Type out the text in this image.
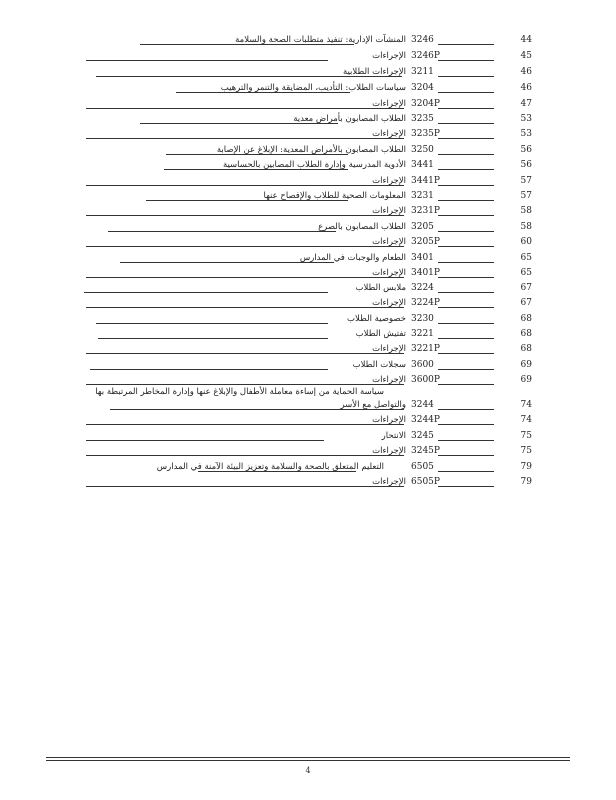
المنشآت الإدارية: تنفيذ متطلبات الصحة والسلامة 3246	44
الإجراءات 3246P	45
الإجراءات الطلابية 3211	46
سياسات الطلاب: التأديب، المضايقة والتنمر والترهيب 3204	46
الإجراءات 3204P	47
الطلاب المصابون بأمراض معدية 3235	53
الإجراءات 3235P	53
الطلاب المصابون بالأمراض المعدية: الإبلاغ عن الإصابة 3250	56
الأدوية المدرسية وإدارة الطلاب المصابين بالحساسية 3441	56
الإجراءات 3441P	57
المعلومات الصحية للطلاب والإفصاح عنها 3231	57
الإجراءات 3231P	58
الطلاب المصابون بالصرع 3205	58
الإجراءات 3205P	60
الطعام والوجبات في المدارس 3401	65
الإجراءات 3401P	65
ملابس الطلاب 3224	67
الإجراءات 3224P	67
خصوصية الطلاب 3230	68
تفتيش الطلاب 3221	68
الإجراءات 3221P	68
سجلات الطلاب 3600	69
الإجراءات 3600P	69
سياسة الحماية من إساءة معاملة الأطفال والإبلاغ عنها وإدارة المخاطر المرتبطة بها
والتواصل مع الأسر 3244	74
الإجراءات 3244P	74
الانتحار 3245	75
الإجراءات 3245P	75
التعليم المتعلق بالصحة والسلامة وتعزيز البيئة الآمنة في المدارس	6505	79
الإجراءات 6505P	79
4
